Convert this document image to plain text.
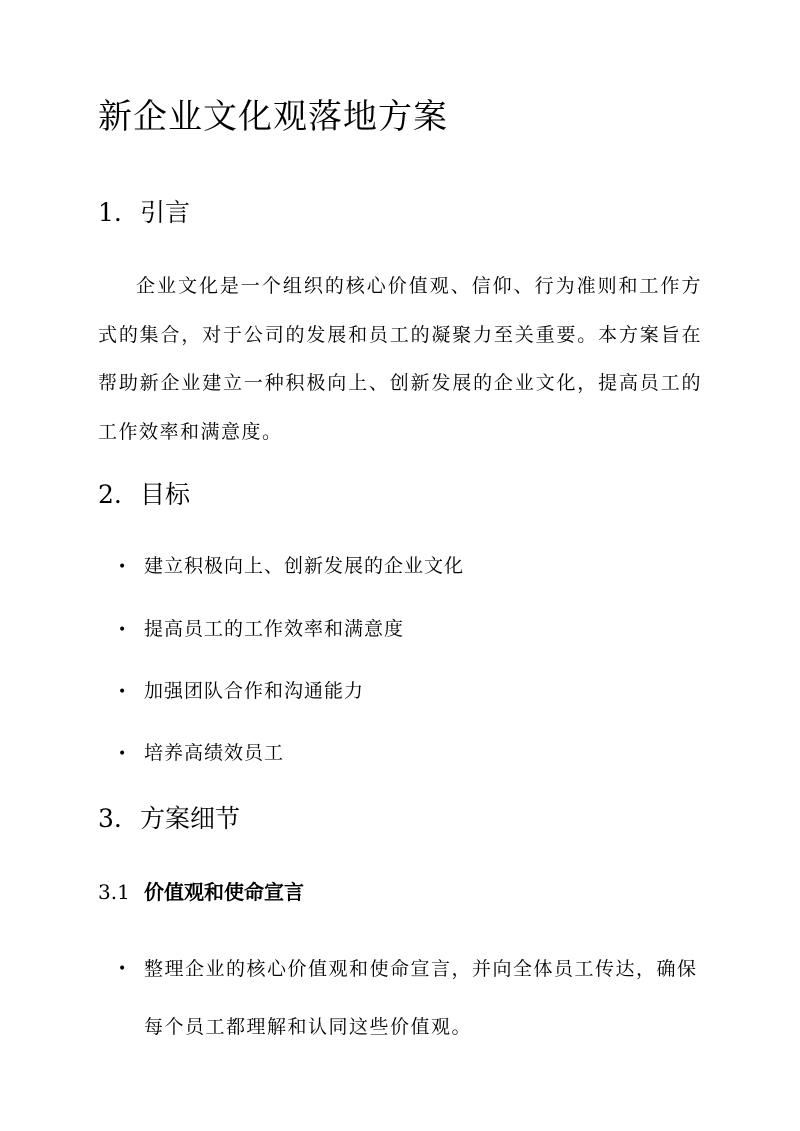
新企业文化观落地方案
1. 引言

企业文化是一个组织的核心价值观、信仰、行为准则和工作方式的集合，对于公司的发展和员工的凝聚力至关重要。本方案旨在帮助新企业建立一种积极向上、创新发展的企业文化，提高员工的工作效率和满意度。

2. 目标
• 建立积极向上、创新发展的企业文化
• 提高员工的工作效率和满意度
• 加强团队合作和沟通能力
• 培养高绩效员工
3. 方案细节
3.1 价值观和使命宣言
• 整理企业的核心价值观和使命宣言，并向全体员工传达，确保每个员工都理解和认同这些价值观。
